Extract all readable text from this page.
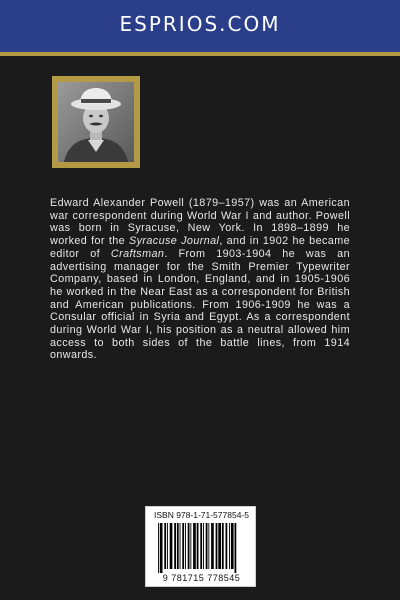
ESPRIOS.COM

Edward Alexander Powell (1879–1957) was an American war correspondent during World War I and author. Powell was born in Syracuse, New York. In 1898–1899 he worked for the Syracuse Journal, and in 1902 he became editor of Craftsman. From 1903-1904 he was an advertising manager for the Smith Premier Typewriter Company, based in London, England, and in 1905-1906 he worked in the Near East as a correspondent for British and American publications. From 1906-1909 he was a Consular official in Syria and Egypt. As a correspondent during World War I, his position as a neutral allowed him access to both sides of the battle lines, from 1914 onwards.

ISBN 978-1-71-577854-5
9 781715 778545
